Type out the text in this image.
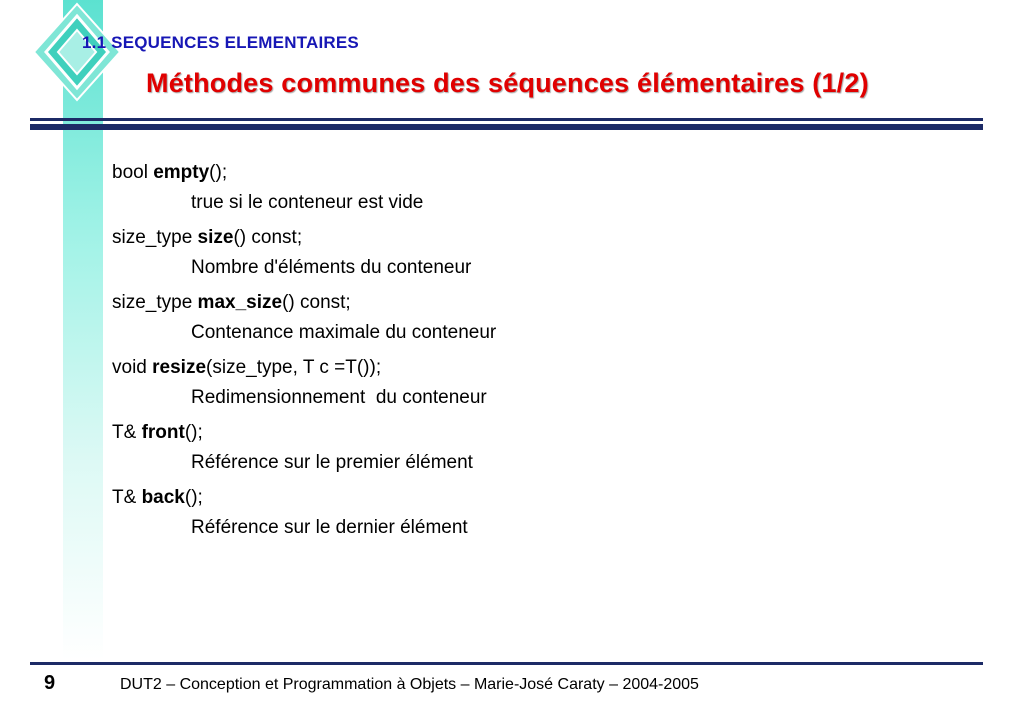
1.1 SEQUENCES ELEMENTAIRES
Méthodes communes des séquences élémentaires (1/2)
bool empty();
true si le conteneur est vide
size_type size() const;
Nombre d'éléments du conteneur
size_type max_size() const;
Contenance maximale du conteneur
void resize(size_type, T c =T());
Redimensionnement  du conteneur
T& front();
Référence sur le premier élément
T& back();
Référence sur le dernier élément
9	DUT2 – Conception et Programmation à Objets – Marie-José Caraty – 2004-2005
